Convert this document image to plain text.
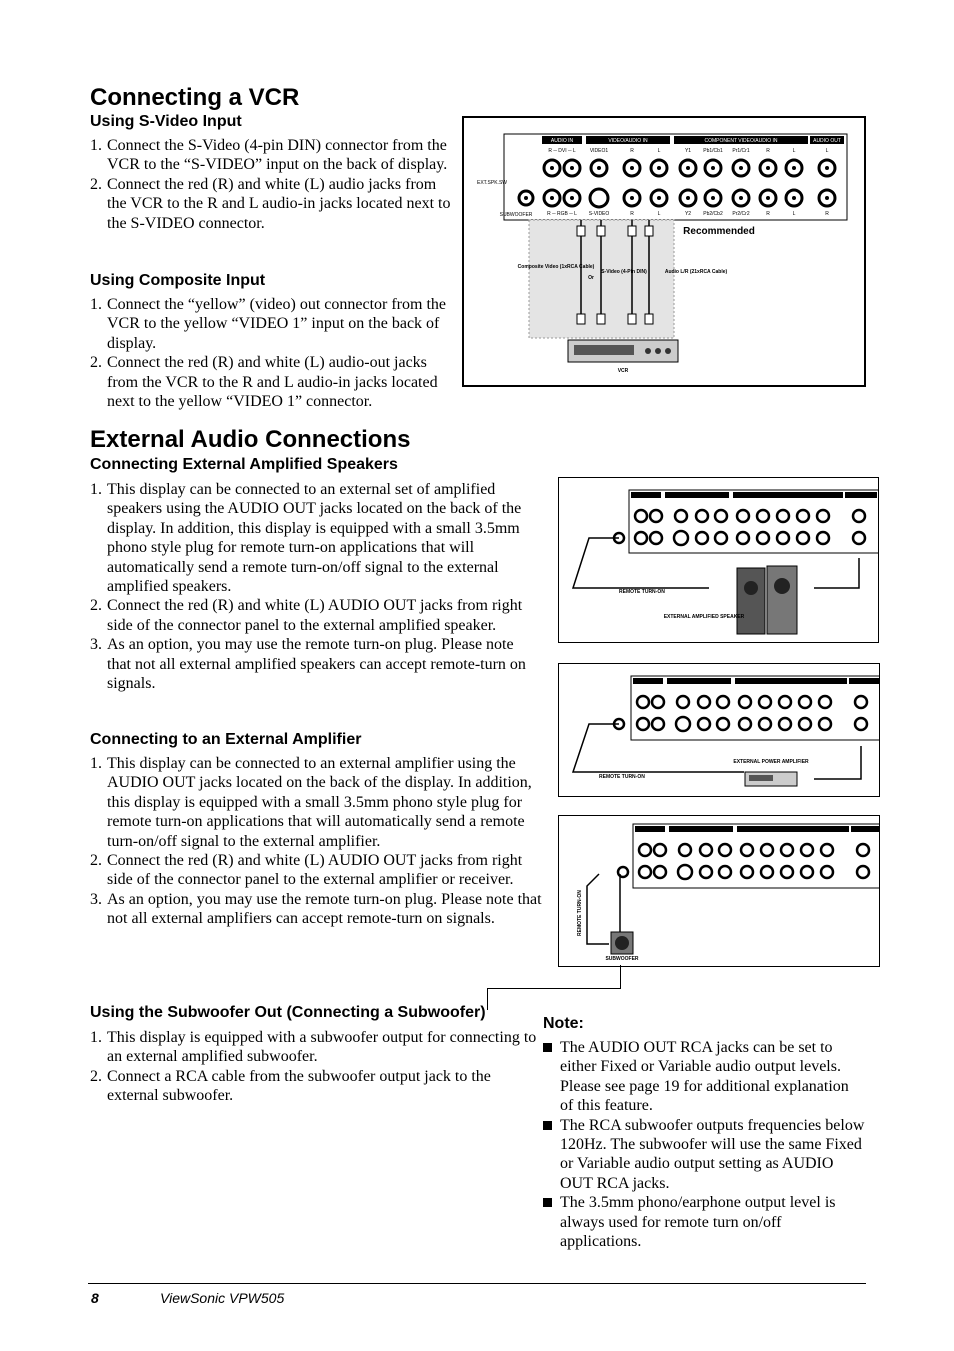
Connecting a VCR
Using S-Video Input
1. Connect the S-Video (4-pin DIN) connector from the VCR to the “S-VIDEO” input on the back of display.
2. Connect the red (R) and white (L) audio jacks from the VCR to the R and L audio-in jacks located next to the S-VIDEO connector.
Using Composite Input
1. Connect the “yellow” (video) out connector from the VCR to the yellow “VIDEO 1” input on the back of display.
2. Connect the red (R) and white (L) audio-out jacks from the VCR to the R and L audio-in jacks located next to the yellow “VIDEO 1” connector.
AUDIO IN	VIDEO/AUDIO IN	COMPONENT VIDEO/AUDIO IN	AUDIO OUT
R ─ DVI ─ L	VIDEO1	R	L	Y1 Pb1/Cb1 Pr1/Cr1	R	L	L
R ─ RGB ─ L S-VIDEO	R	L	Y2 Pb2/Cb2 Pr2/Cr2	R	L	R
EXT.SPK.SW
SUBWOOFER
Recommended
Composite Video (1xRCA Cable)
Or
S-Video (4-Pin DIN)	Audio L/R (21xRCA Cable)
VCR
External Audio Connections
Connecting External Amplified Speakers
1. This display can be connected to an external set of amplified speakers using the AUDIO OUT jacks located on the back of the display. In addition, this display is equipped with a small 3.5mm phono style plug for remote turn-on applications that will automatically send a remote turn-on/off signal to the external amplified speakers.
2. Connect the red (R) and white (L) AUDIO OUT jacks from right side of the connector panel to the external amplified speaker.
3. As an option, you may use the remote turn-on plug. Please note that not all external amplified speakers can accept remote-turn on signals.
Connecting to an External Amplifier
1. This display can be connected to an external amplifier using the AUDIO OUT jacks located on the back of the display. In addition, this display is equipped with a small 3.5mm phono style plug for remote turn-on applications that will automatically send a remote turn-on/off signal to the external amplifier.
2. Connect the red (R) and white (L) AUDIO OUT jacks from right side of the connector panel to the external amplifier or receiver.
3. As an option, you may use the remote turn-on plug. Please note that not all external amplifiers can accept remote-turn on signals.
Using the Subwoofer Out (Connecting a Subwoofer)
1. This display is equipped with a subwoofer output for connecting to an external amplified subwoofer.
2. Connect a RCA cable from the subwoofer output jack to the external subwoofer.
REMOTE TURN-ON
EXTERNAL AMPLIFIED SPEAKER
REMOTE TURN-ON
EXTERNAL POWER AMPLIFIER
REMOTE TURN-ON
SUBWOOFER
Note:
The AUDIO OUT RCA jacks can be set to either Fixed or Variable audio output levels. Please see page 19 for additional explanation of this feature.
The RCA subwoofer outputs frequencies below 120Hz. The subwoofer will use the same Fixed or Variable audio output setting as AUDIO OUT RCA jacks.
The 3.5mm phono/earphone output level is always used for remote turn on/off applications.
8	ViewSonic VPW505
